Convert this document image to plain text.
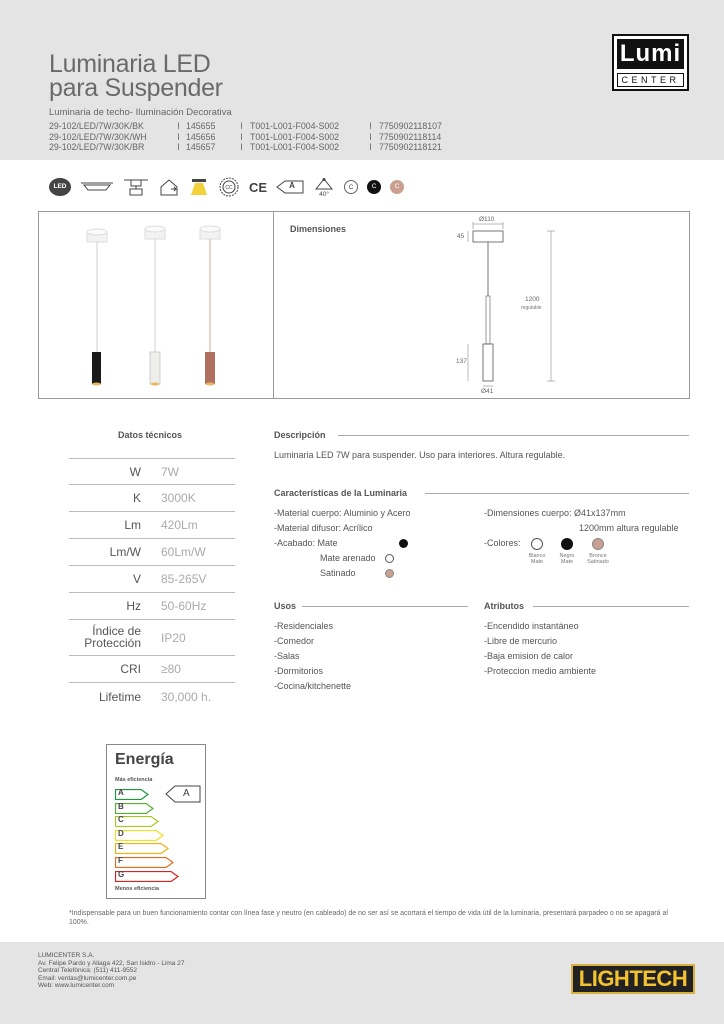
Luminaria LED
para Suspender
Luminaria de techo- Iluminación Decorativa
29-102/LED/7W/30K/BK	I 145655	I T001-L001-F004-S002	I 7750902118107
29-102/LED/7W/30K/WH	I 145656	I T001-L001-F004-S002	I 7750902118114
29-102/LED/7W/30K/BR	I 145657	I T001-L001-F004-S002	I 7750902118121
Lumi
CENTER
LED	CC CE	A
40°
C	C	C
Dimensiones
Ø110
45
1200
regulable
137
Ø41
Datos técnicos
W 7W
K 3000K
Lm 420Lm
Lm/W 60Lm/W
V 85-265V
Hz 50-60Hz
Índice de
Protección IP20
CRI ≥80
Lifetime 30,000 h.
Descripción
Luminaria LED 7W para suspender. Uso para interiores. Altura regulable.
Características de la Luminaria
-Material cuerpo: Aluminio y Acero
-Material difusor: Acrílico
-Acabado: Mate
Mate arenado
Satinado
-Dimensiones cuerpo: Ø41x137mm
1200mm altura regulable
-Colores:
Blanco
Mate
Negro
Mate
Bronce
Satinado
Usos
-Residenciales
-Comedor
-Salas
-Dormitorios
-Cocina/kitchenette
Atributos
-Encendido instantáneo
-Libre de mercurio
-Baja emision de calor
-Proteccion medio ambiente
Energía
Más eficiencia
A
B
C
D
E
F
G
Menos eficiencia
A
*Indispensable para un buen funcionamiento contar con línea fase y neutro (en cableado) de no ser así se acortará el tiempo de vida útil de la luminaria, presentará parpadeo o no se apagará al 100%.
LUMICENTER S.A.
Av. Felipe Pardo y Aliaga 422, San Isidro - Lima 27
Central Telefónica: (511) 411-9552
Email: ventas@lumicenter.com.pe
Web: www.lumicenter.com	LIGHTECH
